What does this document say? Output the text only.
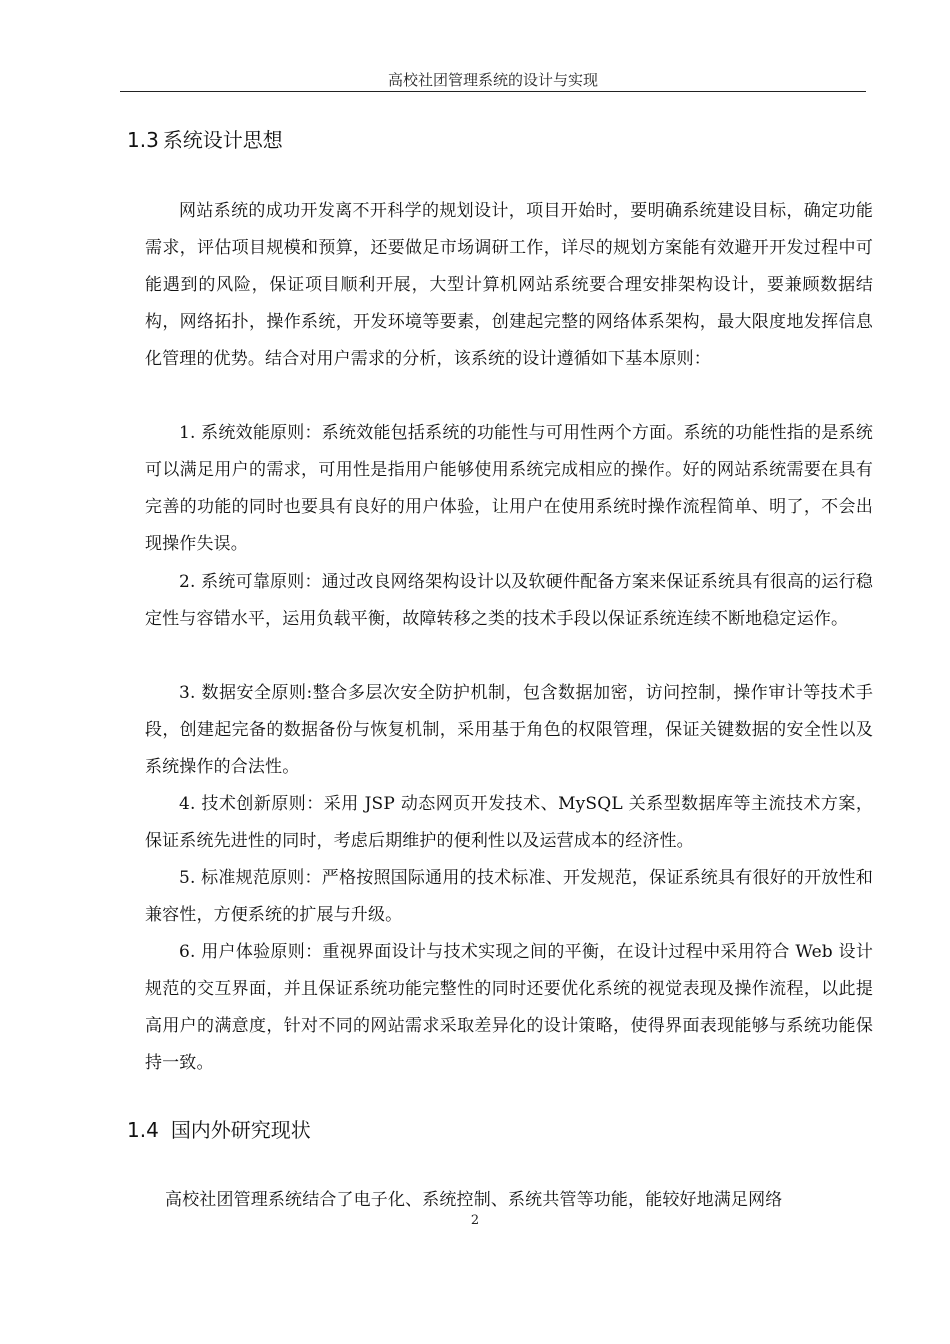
高校社团管理系统的设计与实现
1.3 系统设计思想

网站系统的成功开发离不开科学的规划设计，项目开始时，要明确系统建设目标，确定功能需求，评估项目规模和预算，还要做足市场调研工作，详尽的规划方案能有效避开开发过程中可能遇到的风险，保证项目顺利开展，大型计算机网站系统要合理安排架构设计，要兼顾数据结构，网络拓扑，操作系统，开发环境等要素，创建起完整的网络体系架构，最大限度地发挥信息化管理的优势。结合对用户需求的分析，该系统的设计遵循如下基本原则：

1. 系统效能原则：系统效能包括系统的功能性与可用性两个方面。系统的功能性指的是系统可以满足用户的需求，可用性是指用户能够使用系统完成相应的操作。好的网站系统需要在具有完善的功能的同时也要具有良好的用户体验，让用户在使用系统时操作流程简单、明了，不会出现操作失误。

2. 系统可靠原则：通过改良网络架构设计以及软硬件配备方案来保证系统具有很高的运行稳定性与容错水平，运用负载平衡，故障转移之类的技术手段以保证系统连续不断地稳定运作。

3. 数据安全原则:整合多层次安全防护机制，包含数据加密，访问控制，操作审计等技术手段，创建起完备的数据备份与恢复机制，采用基于角色的权限管理，保证关键数据的安全性以及系统操作的合法性。

4. 技术创新原则：采用 JSP 动态网页开发技术、MySQL 关系型数据库等主流技术方案，保证系统先进性的同时，考虑后期维护的便利性以及运营成本的经济性。

5. 标准规范原则：严格按照国际通用的技术标准、开发规范，保证系统具有很好的开放性和兼容性，方便系统的扩展与升级。

6. 用户体验原则：重视界面设计与技术实现之间的平衡，在设计过程中采用符合 Web 设计规范的交互界面，并且保证系统功能完整性的同时还要优化系统的视觉表现及操作流程，以此提高用户的满意度，针对不同的网站需求采取差异化的设计策略，使得界面表现能够与系统功能保持一致。

1.4 国内外研究现状

高校社团管理系统结合了电子化、系统控制、系统共管等功能，能较好地满足网络

2
